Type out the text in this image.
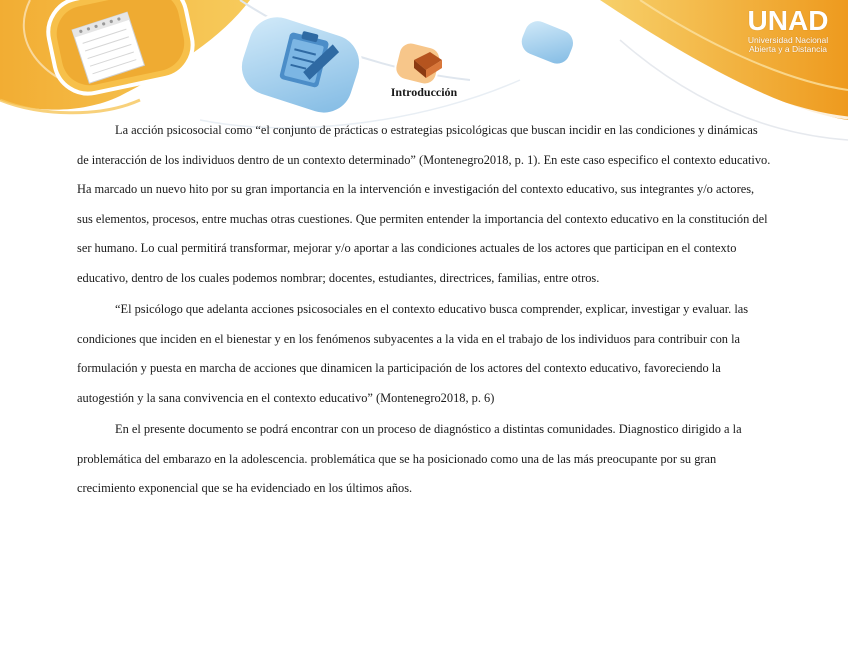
UNAD
Universidad Nacional
Abierta y a Distancia
Introducción

La acción psicosocial como “el conjunto de prácticas o estrategias psicológicas que buscan incidir en las condiciones y dinámicas de interacción de los individuos dentro de un contexto determinado” (Montenegro2018, p. 1). En este caso especifico el contexto educativo. Ha marcado un nuevo hito por su gran importancia en la intervención e investigación del contexto educativo, sus integrantes y/o actores, sus elementos, procesos, entre muchas otras cuestiones. Que permiten entender la importancia del contexto educativo en la constitución del ser humano. Lo cual permitirá transformar, mejorar y/o aportar a las condiciones actuales de los actores que participan en el contexto educativo, dentro de los cuales podemos nombrar; docentes, estudiantes, directrices, familias, entre otros.

“El psicólogo que adelanta acciones psicosociales en el contexto educativo busca comprender, explicar, investigar y evaluar. las condiciones que inciden en el bienestar y en los fenómenos subyacentes a la vida en el trabajo de los individuos para contribuir con la formulación y puesta en marcha de acciones que dinamicen la participación de los actores del contexto educativo, favoreciendo la autogestión y la sana convivencia en el contexto educativo” (Montenegro2018, p. 6)

En el presente documento se podrá encontrar con un proceso de diagnóstico a distintas comunidades. Diagnostico dirigido a la problemática del embarazo en la adolescencia. problemática que se ha posicionado como una de las más preocupante por su gran crecimiento exponencial que se ha evidenciado en los últimos años.
